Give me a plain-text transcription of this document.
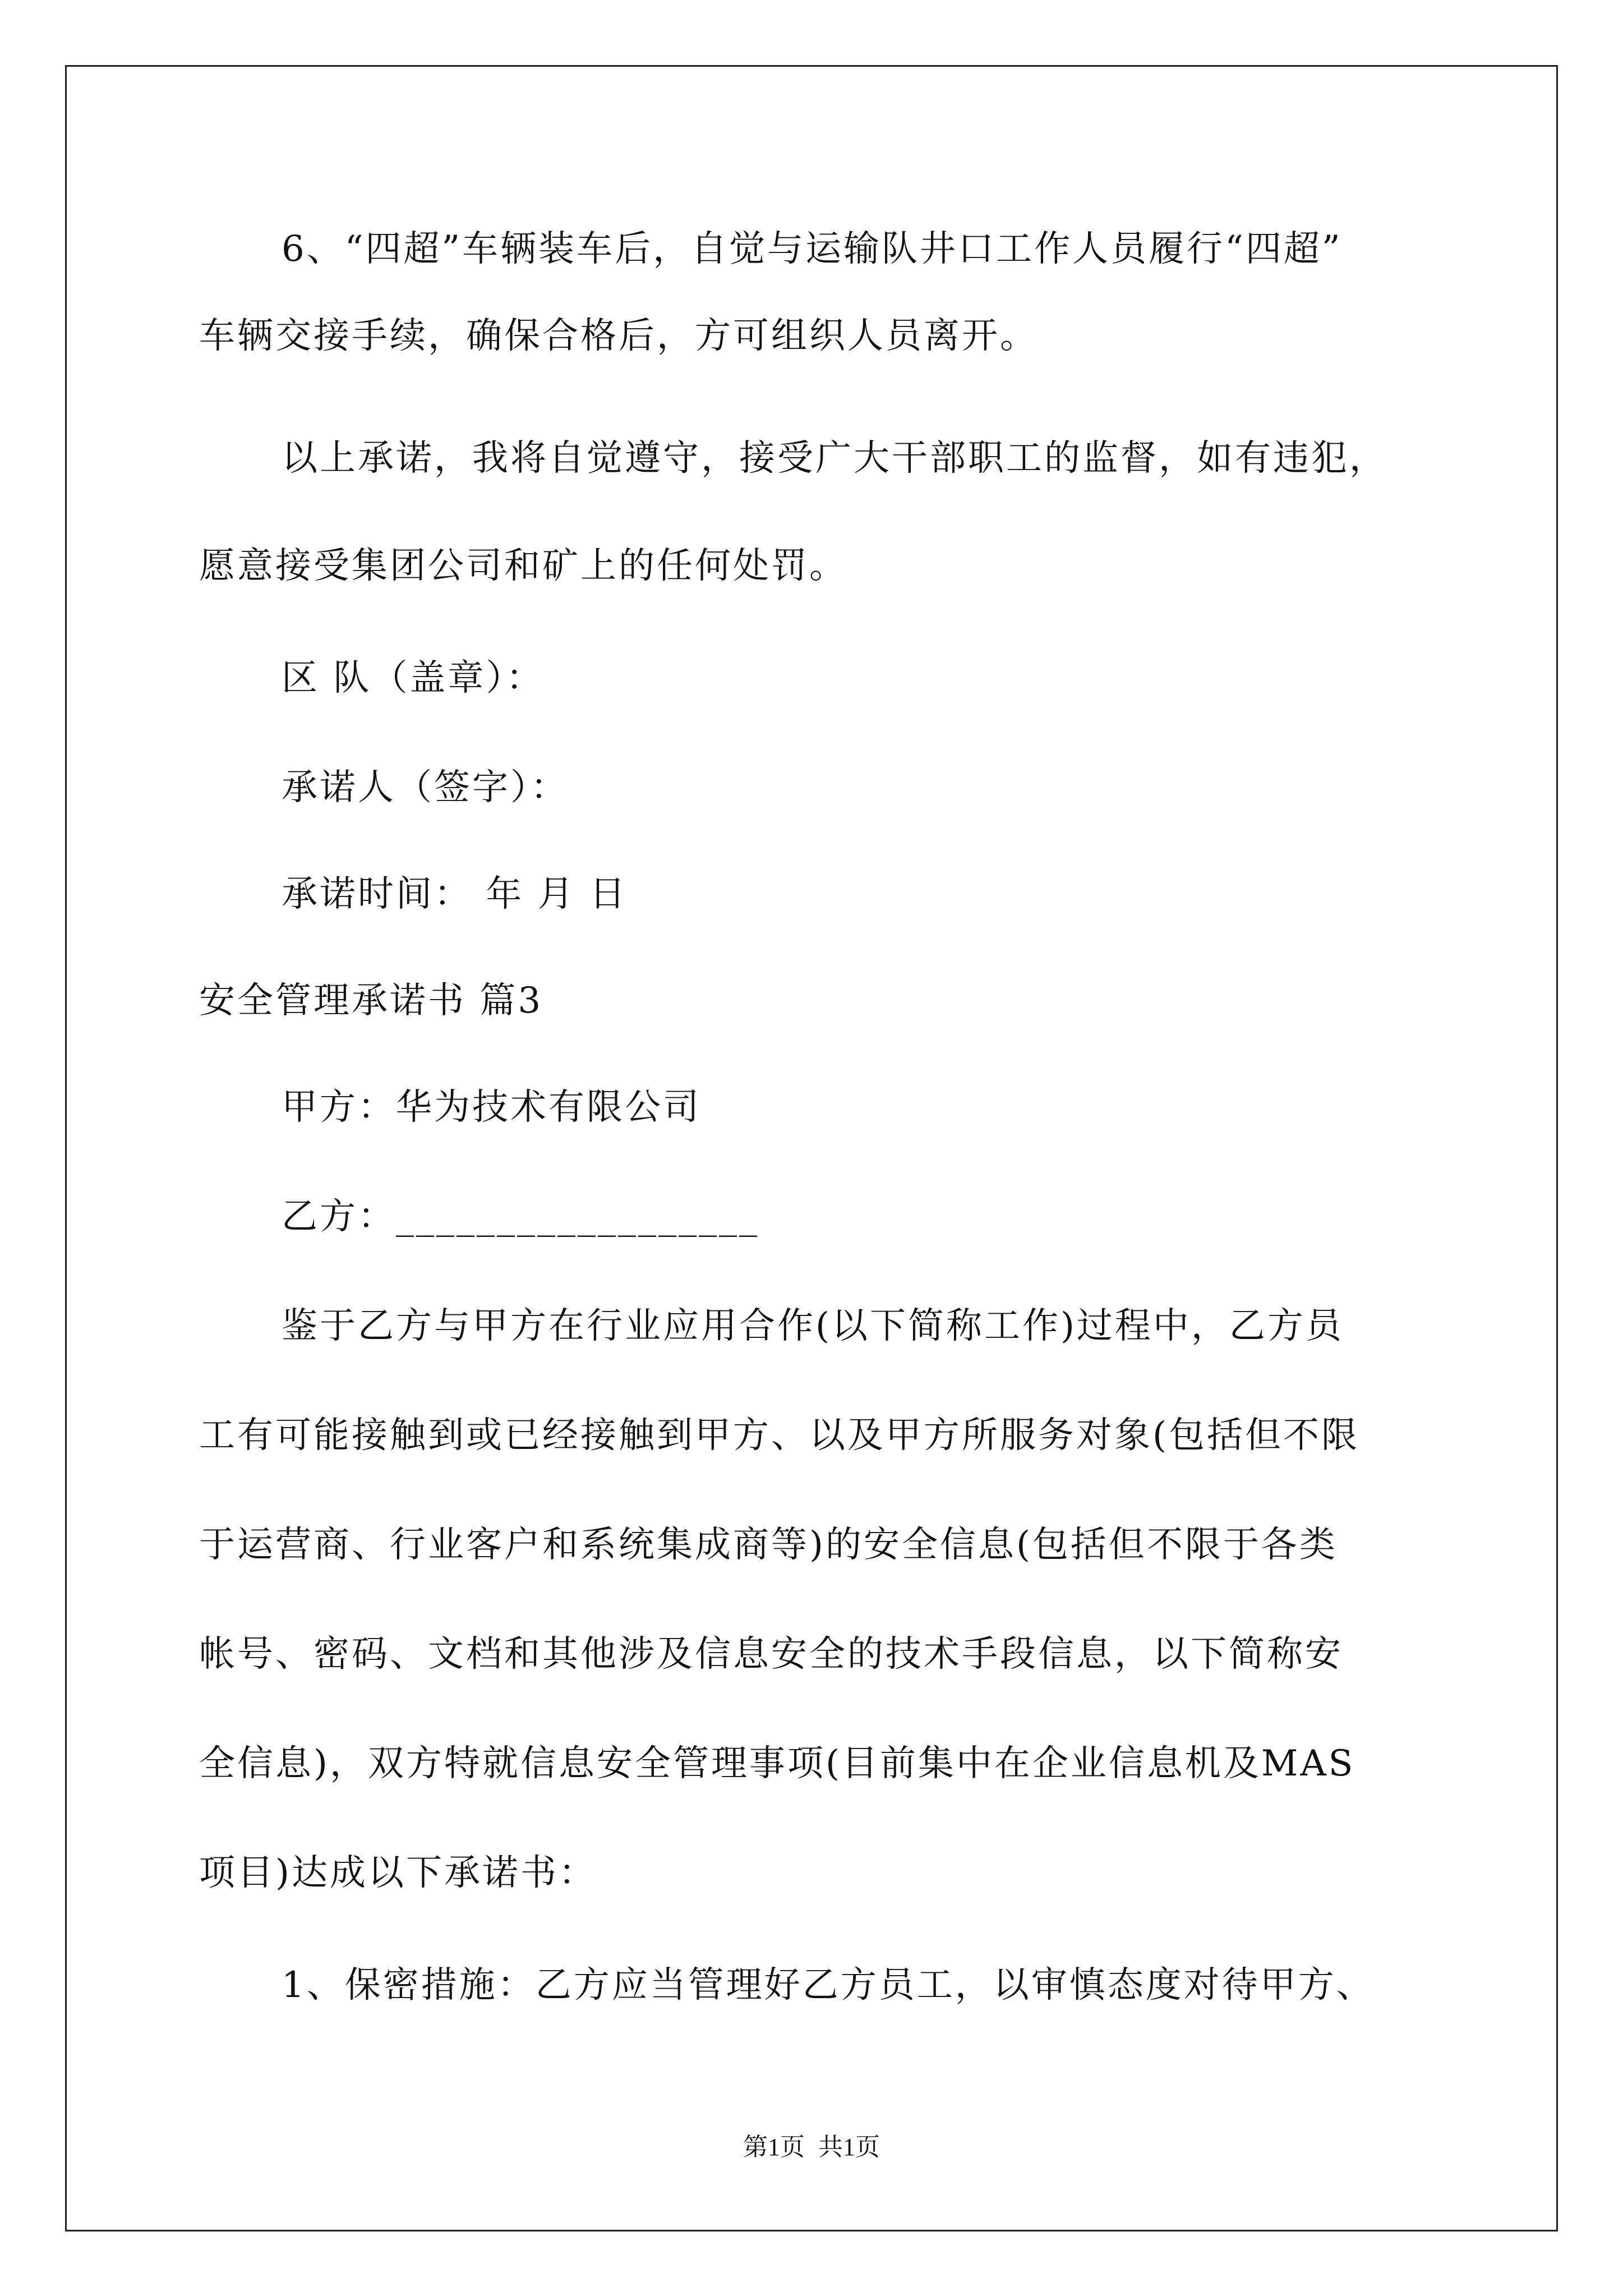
6、“四超”车辆装车后，自觉与运输队井口工作人员履行“四超”
车辆交接手续，确保合格后，方可组织人员离开。
以上承诺，我将自觉遵守，接受广大干部职工的监督，如有违犯，
愿意接受集团公司和矿上的任何处罚。
区 队（盖章）：
承诺人（签字）：
承诺时间： 年 月 日
安全管理承诺书 篇3
甲方：华为技术有限公司
乙方：__________________
鉴于乙方与甲方在行业应用合作(以下简称工作)过程中，乙方员
工有可能接触到或已经接触到甲方、以及甲方所服务对象(包括但不限
于运营商、行业客户和系统集成商等)的安全信息(包括但不限于各类
帐号、密码、文档和其他涉及信息安全的技术手段信息，以下简称安
全信息)，双方特就信息安全管理事项(目前集中在企业信息机及MAS
项目)达成以下承诺书：
1、保密措施：乙方应当管理好乙方员工，以审慎态度对待甲方、
第1页 共1页
